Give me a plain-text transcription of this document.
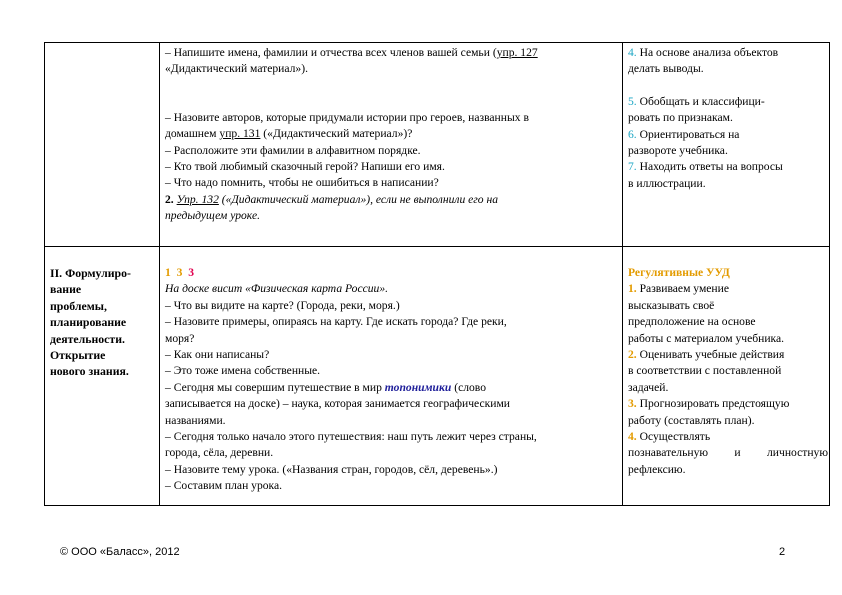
– Напишите имена, фамилии и отчества всех членов вашей семьи (упр. 127
«Дидактический материал»).
– Назовите авторов, которые придумали истории про героев, названных в
домашнем упр. 131 («Дидактический материал»)?
– Расположите эти фамилии в алфавитном порядке.
– Кто твой любимый сказочный герой? Напиши его имя.
– Что надо помнить, чтобы не ошибиться в написании?
2. Упр. 132 («Дидактический материал»), если не выполнили его на
предыдущем уроке.
4. На основе анализа объектов
делать выводы.
5. Обобщать и классифици-
ровать по признакам.
6. Ориентироваться на
развороте учебника.
7. Находить ответы на вопросы
в иллюстрации.
II. Формулиро-
вание
проблемы,
планирование
деятельности.
Открытие
нового знания.
1 3 3
На доске висит «Физическая карта России».
– Что вы видите на карте? (Города, реки, моря.)
– Назовите примеры, опираясь на карту. Где искать города? Где реки,
моря?
– Как они написаны?
– Это тоже имена собственные.
– Сегодня мы совершим путешествие в мир топонимики (слово
записывается на доске) – наука, которая занимается географическими
названиями.
– Сегодня только начало этого путешествия: наш путь лежит через страны,
города, сёла, деревни.
– Назовите тему урока. («Названия стран, городов, сёл, деревень».)
– Составим план урока.
Регулятивные УУД
1. Развиваем умение
высказывать своё
предположение на основе
работы с материалом учебника.
2. Оценивать учебные действия
в соответствии с поставленной
задачей.
3. Прогнозировать предстоящую
работу (составлять план).
4. Осуществлять
познавательную и личностную
рефлексию.
© ООО «Баласс», 2012	2
